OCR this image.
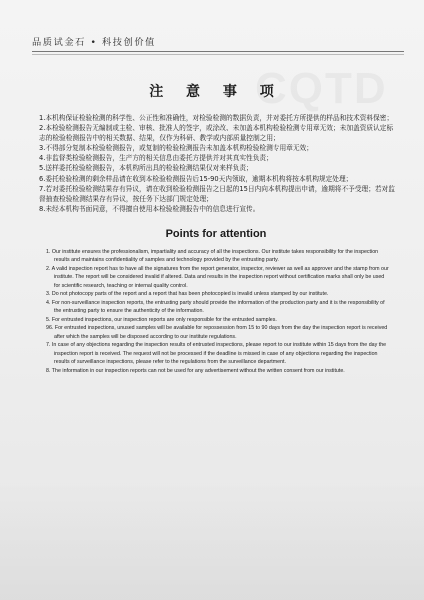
品质试金石 • 科技创价值
注 意 事 项
1.本机构保证检验检测的科学性、公正性和准确性，对检验检测的数据负责，并对委托方所提供的样品和技术资料保密；
2.本检验检测报告无编制或主检、审核、批准人的签字，或涂改、未加盖本机构检验检测专用章无效；未加盖资质认定标志的检验检测报告中的相关数据、结果，仅作为科研、教学或内部质量控制之用；
3.不得部分复制本检验检测报告，或复制的检验检测报告未加盖本机构检验检测专用章无效；
4.非监督类检验检测报告，生产方的相关信息由委托方提供并对其真实性负责；
5.送样委托检验检测报告，本机构所出具的检验检测结果仅对来样负责；
6.委托检验检测的剩余样品请在收到本检验检测报告后15-90天内领取，逾期本机构将按本机构规定处理；
7.若对委托检验检测结果存有异议，请在收到检验检测报告之日起的15日内向本机构提出申请，逾期将不予受理；若对监督抽查检验检测结果存有异议，按任务下达部门规定处理；
8.未经本机构书面同意，不得擅自使用本检验检测报告中的信息进行宣传。
Points for attention
1. Our institute ensures the professionalism, impartiality and accuracy of all the inspections. Our institute takes responsibility for the inspection results and maintains confidentiality of samples and technology provided by the entrusting party.
2. A valid inspection report has to have all the signatures from the report generator, inspector, reviewer as well as approver and the stamp from our institute. The report will be considered invalid if altered. Data and results in the inspection report without certification marks shall only be used for scientific research, teaching or internal quality control.
3. Do not photocopy parts of the report and a report that has been photocopied is invalid unless stamped by our institute.
4. For non-surveillance inspection reports, the entrusting party should provide the information of the production party and it is the responsibility of the entrusting party to ensure the authenticity of the information.
5. For entrusted inspections, our inspection reports are only responsible for the entrusted samples.
96. For entrusted inspections, unused samples will be available for repossession from 15 to 90 days from the day the inspection report is received after which the samples will be disposed according to our institute regulations.
7. In case of any objections regarding the inspection results of entrusted inspections, please report to our institute within 15 days from the day the inspection report is received. The request will not be processed if the deadline is missed in case of any objections regarding the inspection results of surveillance inspections, please refer to the regulations from the surveillance department.
8. The information in our inspection reports can not be used for any advertisement without the written consent from our institute.
